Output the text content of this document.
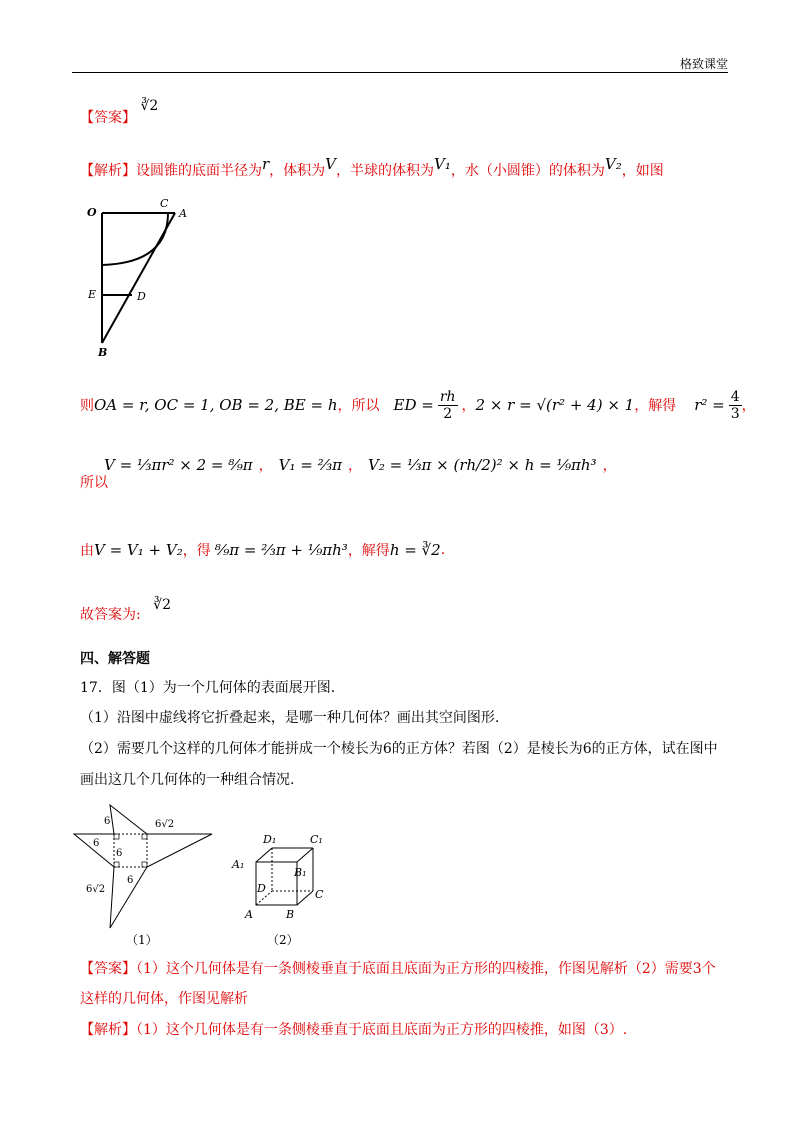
格致课堂
【答案】 ∛2
【解析】设圆锥的底面半径为r，体积为V，半球的体积为V₁，水（小圆锥）的体积为V₂，如图
O
C
A
E	D
B
则 OA = r, OC = 1, OB = 2, BE = h ，所以 ED = $\frac{rh}{2}$ ， 2 × r = √(r² + 4) × 1 ，解得 $r^2 = \frac{4}{3}$ ，
所以
V = ⅓πr² × 2 = ⁸⁄₉π ， V₁ = ⅔π ， V₂ = ⅓π × (rh/2)² × h = ⅑πh³ ，
由 V = V₁ + V₂ ，得 ⁸⁄₉π = ⅔π + ⅑πh³ ，解得 h = ∛2 .
故答案为: ∛2
四、解答题
17．图（1）为一个几何体的表面展开图.
（1）沿图中虚线将它折叠起来，是哪一种几何体？画出其空间图形.
（2）需要几个这样的几何体才能拼成一个棱长为6的正方体？若图（2）是棱长为6的正方体，试在图中
画出这几个几何体的一种组合情况.
6	6√2
6
6
6
6√2
（1）
D₁	C₁
A₁
B₁
D	C
A	B
（2）
【答案】（1）这个几何体是有一条侧棱垂直于底面且底面为正方形的四棱推，作图见解析（2）需要3个
这样的几何体，作图见解析
【解析】（1）这个几何体是有一条侧棱垂直于底面且底面为正方形的四棱推，如图（3）.
